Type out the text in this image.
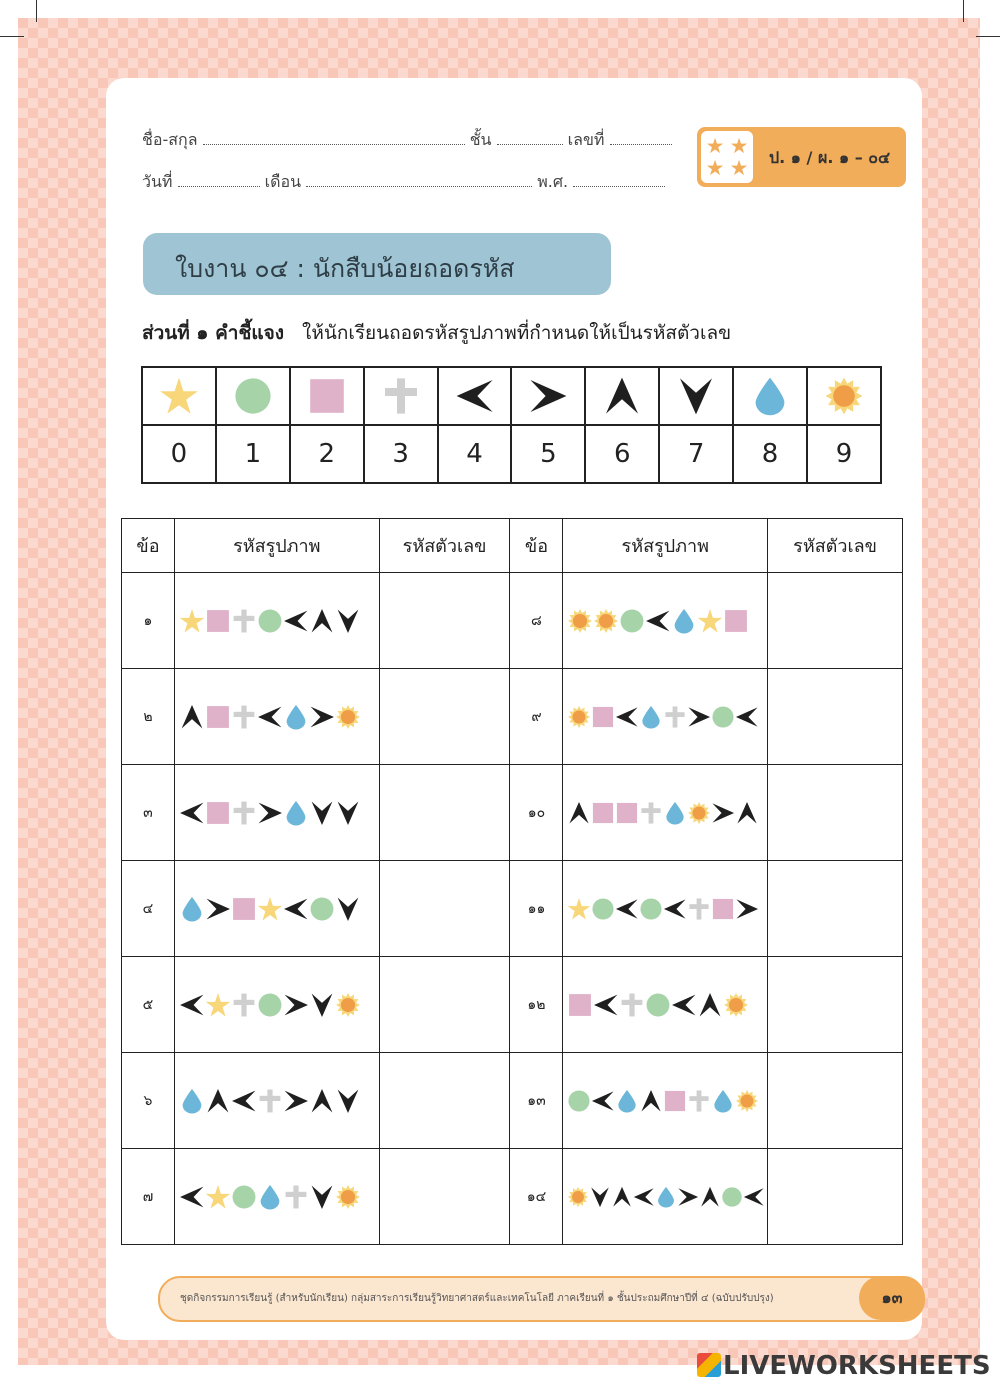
ชื่อ-สกุล	ชั้น	เลขที่
วันที่	เดือน	พ.ศ.
★ ★
★ ★ ป. ๑ / ผ. ๑ – ๐๔
ใบงาน ๐๔ : นักสืบน้อยถอดรหัส
ส่วนที่ ๑ คำชี้แจง ให้นักเรียนถอดรหัสรูปภาพที่กำหนดให้เป็นรหัสตัวเลข

0	1	2	3	4	5	6	7	8	9
ข้อ	รหัสรูปภาพ	รหัสตัวเลข	ข้อ	รหัสรูปภาพ	รหัสตัวเลข
๑			๘		
๒			๙		
๓			๑๐		
๔			๑๑		
๕			๑๒		
๖			๑๓		
๗			๑๔		
ชุดกิจกรรมการเรียนรู้ (สำหรับนักเรียน) กลุ่มสาระการเรียนรู้วิทยาศาสตร์และเทคโนโลยี ภาคเรียนที่ ๑ ชั้นประถมศึกษาปีที่ ๔ (ฉบับปรับปรุง)	๑๓
LIVEWORKSHEETS
